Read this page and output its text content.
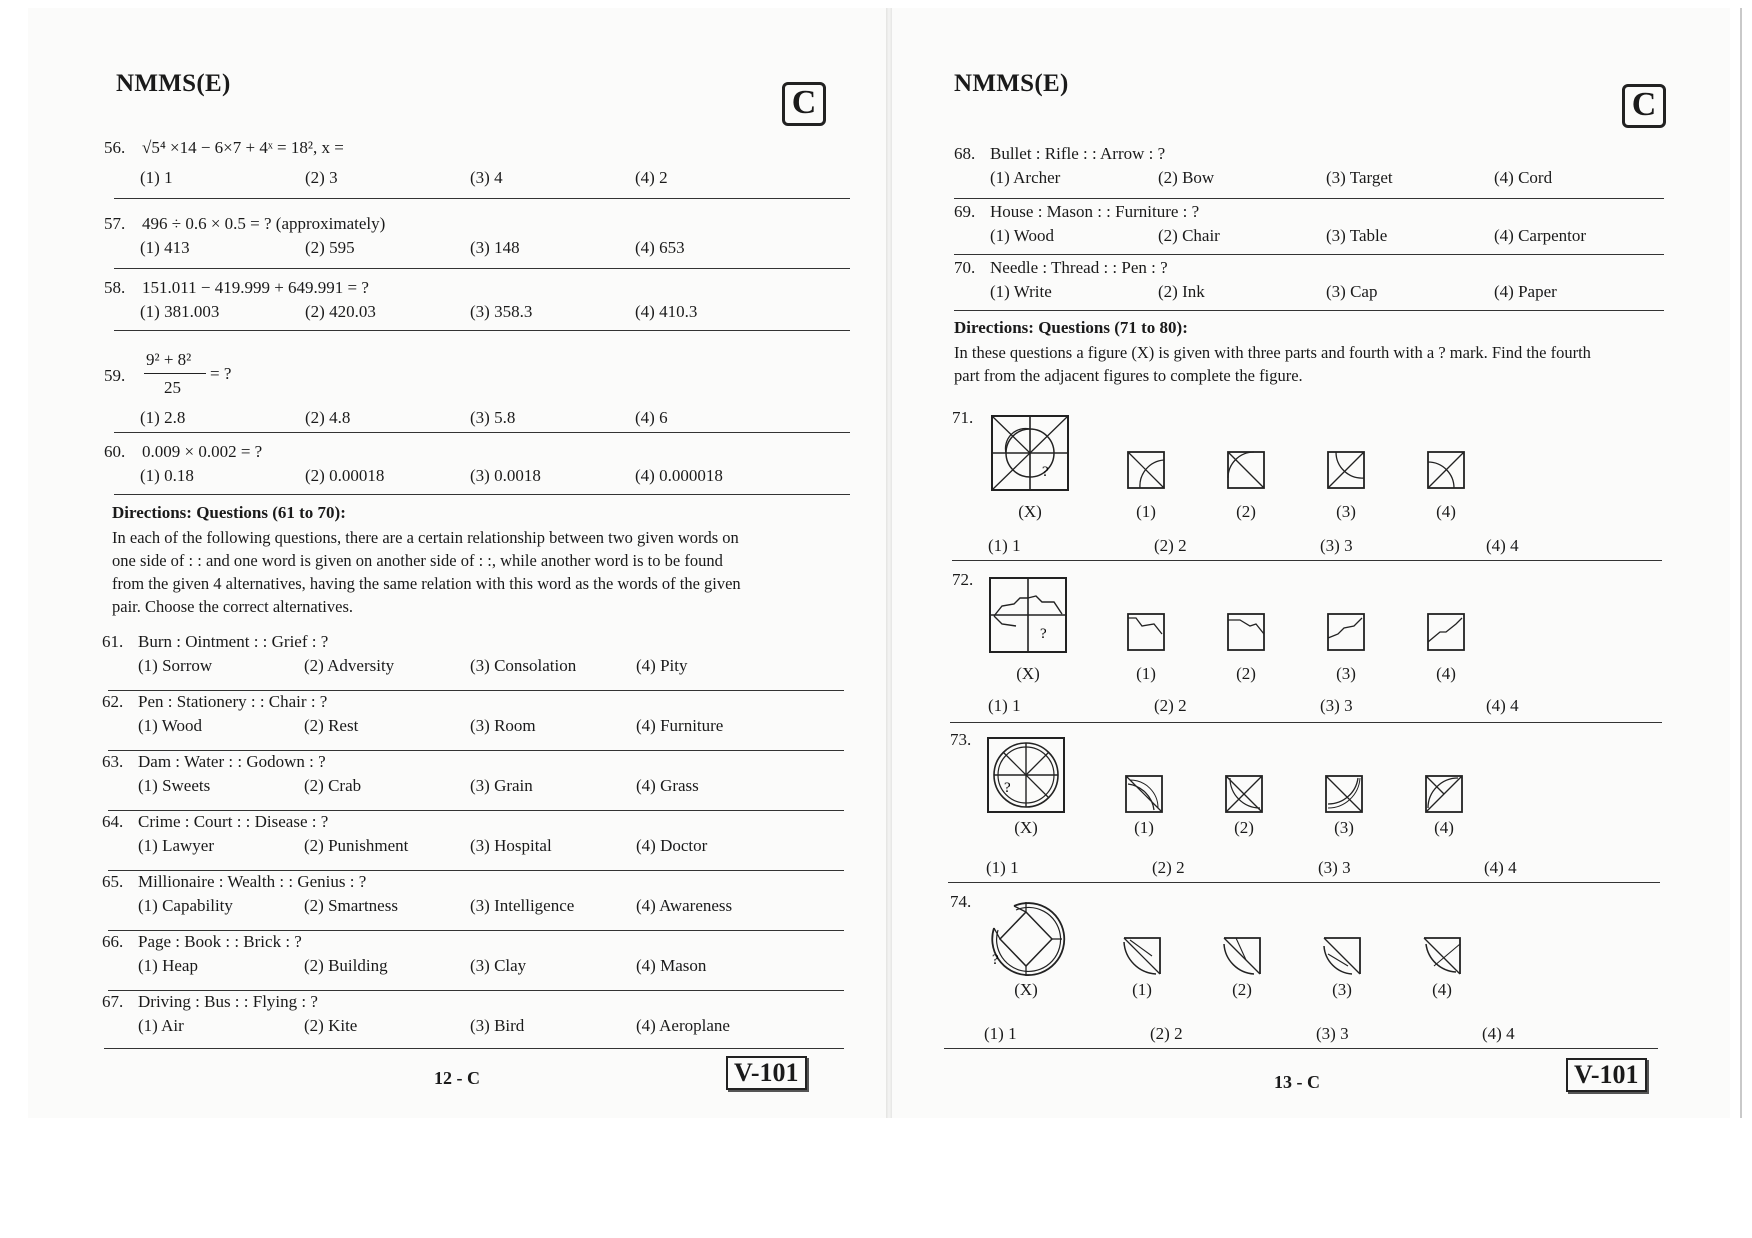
NMMS(E)
C
56. √5⁴ ×14 − 6×7 + 4ˣ = 18², x =
(1) 1	(2) 3	(3) 4	(4) 2
57. 496 ÷ 0.6 × 0.5 = ? (approximately)
(1) 413	(2) 595	(3) 148	(4) 653
58. 151.011 − 419.999 + 649.991 = ?
(1) 381.003	(2) 420.03	(3) 358.3	(4) 410.3
59.
9² + 8²
25
= ?
(1) 2.8	(2) 4.8	(3) 5.8	(4) 6
60. 0.009 × 0.002 = ?
(1) 0.18	(2) 0.00018	(3) 0.0018	(4) 0.000018
Directions: Questions (61 to 70):
In each of the following questions, there are a certain relationship between two given words on
one side of : : and one word is given on another side of : :, while another word is to be found
from the given 4 alternatives, having the same relation with this word as the words of the given
pair. Choose the correct alternatives.
61. Burn : Ointment : : Grief : ?
(1) Sorrow	(2) Adversity	(3) Consolation	(4) Pity
62. Pen : Stationery : : Chair : ?
(1) Wood	(2) Rest	(3) Room	(4) Furniture
63. Dam : Water : : Godown : ?
(1) Sweets	(2) Crab	(3) Grain	(4) Grass
64. Crime : Court : : Disease : ?
(1) Lawyer	(2) Punishment	(3) Hospital	(4) Doctor
65. Millionaire : Wealth : : Genius : ?
(1) Capability	(2) Smartness	(3) Intelligence	(4) Awareness
66. Page : Book : : Brick : ?
(1) Heap	(2) Building	(3) Clay	(4) Mason
67. Driving : Bus : : Flying : ?
(1) Air	(2) Kite	(3) Bird	(4) Aeroplane
12 - C	V-101
NMMS(E)
C
68. Bullet : Rifle : : Arrow : ?
(1) Archer	(2) Bow	(3) Target	(4) Cord
69. House : Mason : : Furniture : ?
(1) Wood	(2) Chair	(3) Table	(4) Carpentor
70. Needle : Thread : : Pen : ?
(1) Write	(2) Ink	(3) Cap	(4) Paper
Directions: Questions (71 to 80):
In these questions a figure (X) is given with three parts and fourth with a ? mark. Find the fourth
part from the adjacent figures to complete the figure.
71.
?
(X)	(1)	(2)	(3)	(4)
(1) 1	(2) 2	(3) 3	(4) 4
72.
?
(X)	(1)	(2)	(3)	(4)
(1) 1	(2) 2	(3) 3	(4) 4
73.
?
(X)	(1)	(2)	(3)	(4)
(1) 1	(2) 2	(3) 3	(4) 4
74.
?
(X)	(1)	(2)	(3)	(4)
(1) 1	(2) 2	(3) 3	(4) 4
13 - C	V-101
